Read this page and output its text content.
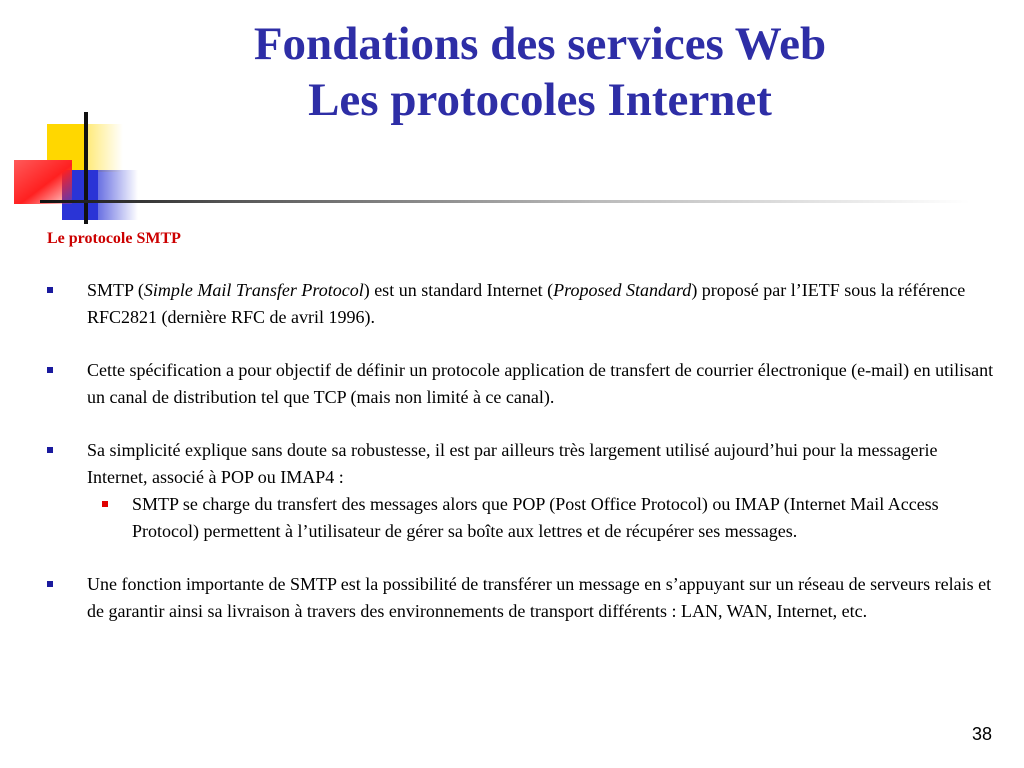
Fondations des services Web
Les protocoles Internet
Le protocole SMTP
SMTP (Simple Mail Transfer Protocol) est un standard Internet (Proposed Standard) proposé par l’IETF sous la référence RFC2821 (dernière RFC de avril 1996).
Cette spécification a pour objectif de définir un protocole application de transfert de courrier électronique (e-mail) en utilisant un canal de distribution tel que TCP (mais non limité à ce canal).
Sa simplicité explique sans doute sa robustesse, il est par ailleurs très largement utilisé aujourd’hui pour la messagerie Internet, associé à POP ou IMAP4 :
SMTP se charge du transfert des messages alors que POP (Post Office Protocol) ou IMAP (Internet Mail Access Protocol) permettent à l’utilisateur de gérer sa boîte aux lettres et de récupérer ses messages.
Une fonction importante de SMTP est la possibilité de transférer un message en s’appuyant sur un réseau de serveurs relais et de garantir ainsi sa livraison à travers des environnements de transport différents : LAN, WAN, Internet, etc.
38
